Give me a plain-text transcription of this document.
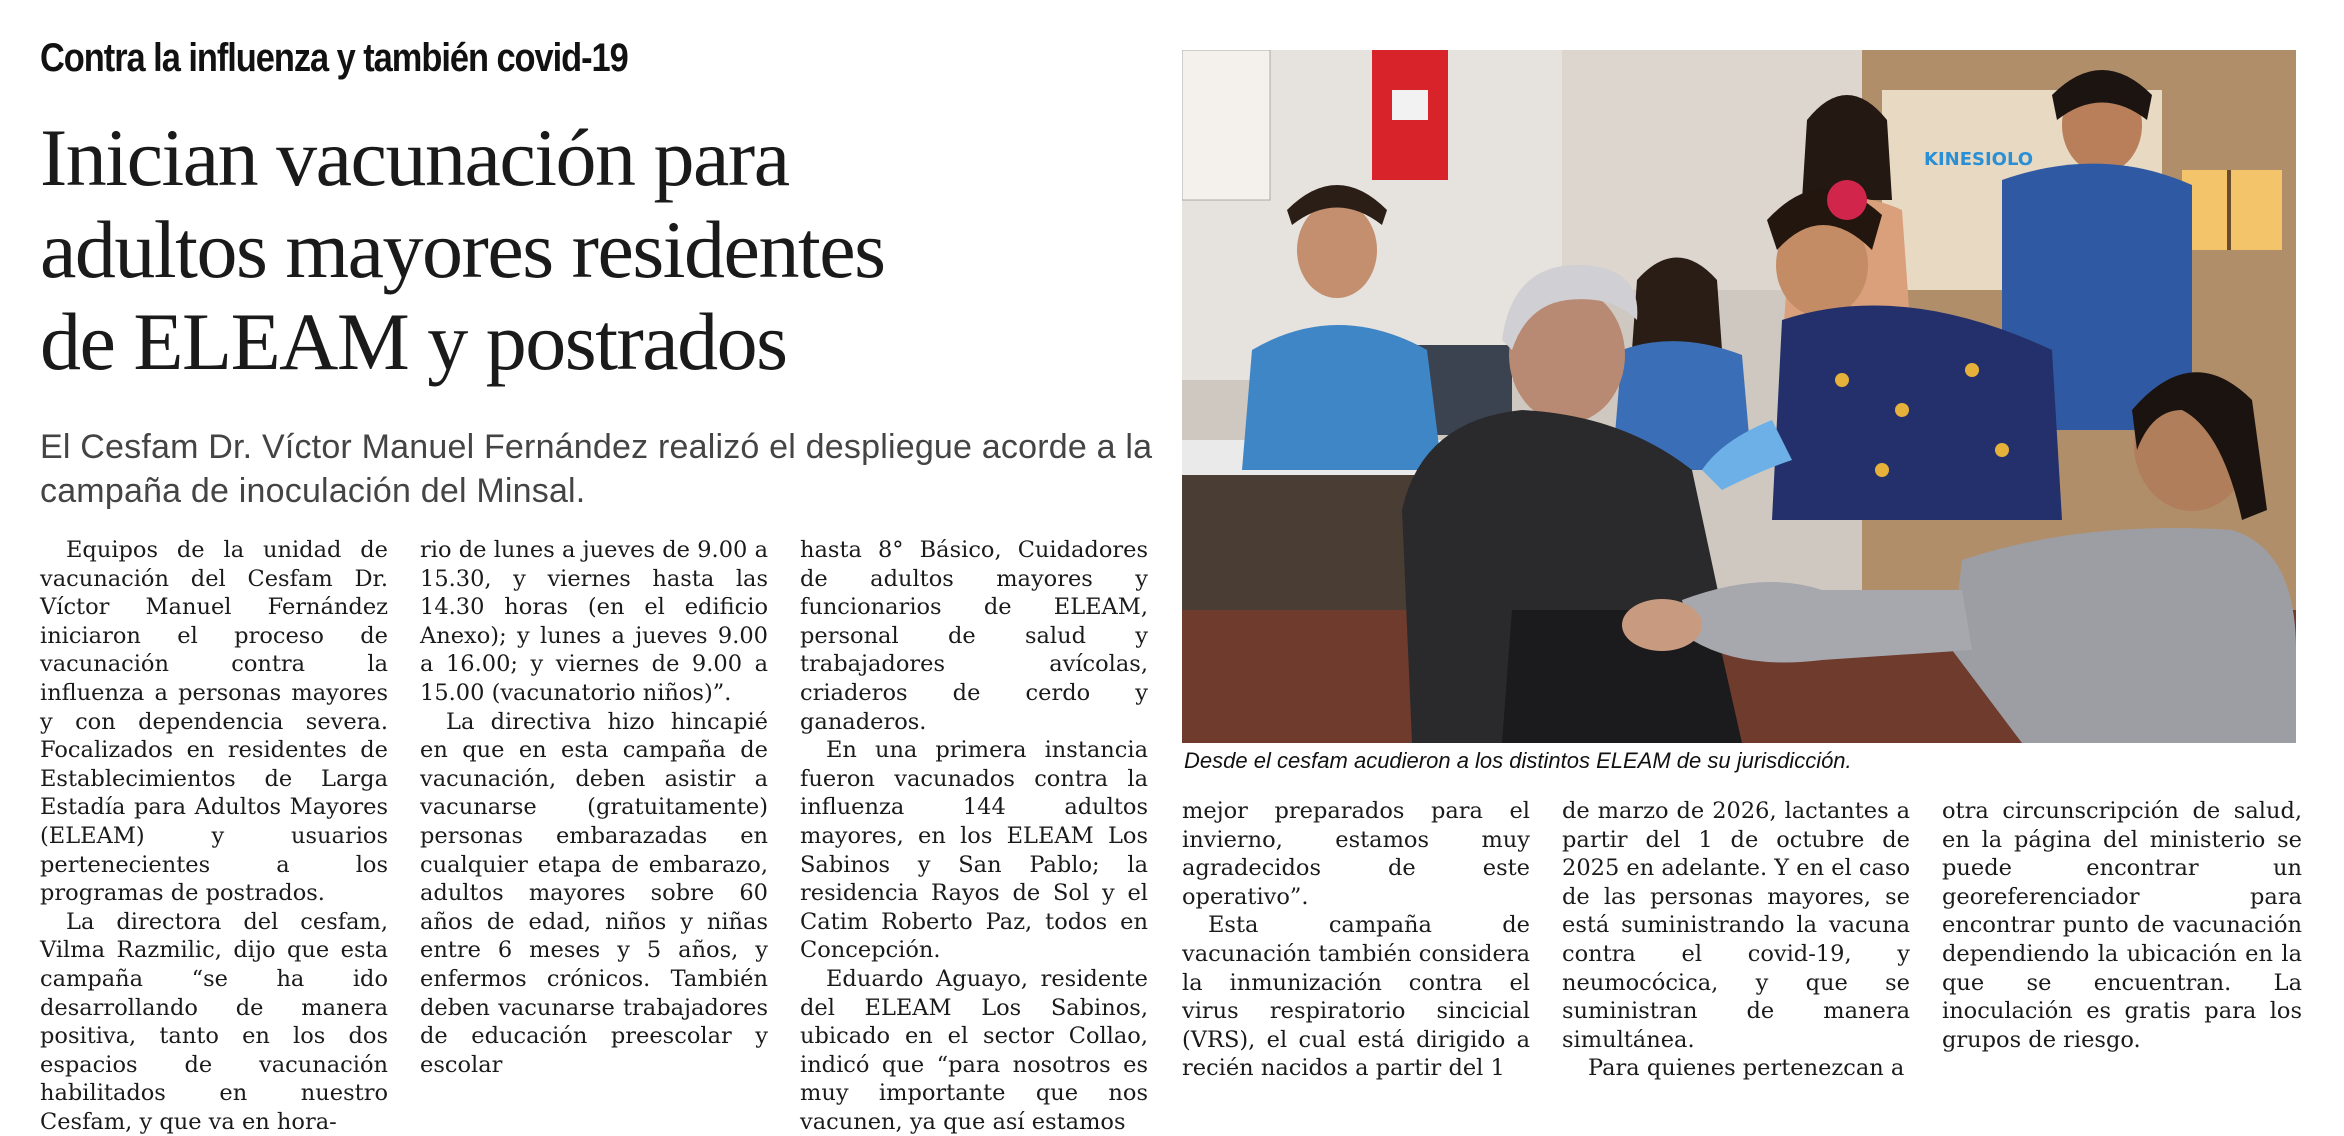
Contra la influenza y también covid-19
Inician vacunación para
adultos mayores residentes
de ELEAM y postrados
El Cesfam Dr. Víctor Manuel Fernández realizó el despliegue acorde a la campaña de inoculación del Minsal.

Equipos de la unidad de vacunación del Cesfam Dr. Víctor Manuel Fernández iniciaron el proceso de vacunación contra la influenza a personas mayores y con dependencia severa. Focalizados en residentes de Establecimientos de Larga Estadía para Adultos Mayores (ELEAM) y usuarios pertenecientes a los programas de postrados.

La directora del cesfam, Vilma Razmilic, dijo que esta campaña “se ha ido desarrollando de manera positiva, tanto en los dos espacios de vacunación habilitados en nuestro Cesfam, y que va en hora-

rio de lunes a jueves de 9.00 a 15.30, y viernes hasta las 14.30 horas (en el edificio Anexo); y lunes a jueves 9.00 a 16.00; y viernes de 9.00 a 15.00 (vacunatorio niños)”.

La directiva hizo hincapié en que en esta campaña de vacunación, deben asistir a vacunarse (gratuitamente) personas embarazadas en cualquier etapa de embarazo, adultos mayores sobre 60 años de edad, niños y niñas entre 6 meses y 5 años, y enfermos crónicos. También deben vacunarse trabajadores de educación preescolar y escolar

hasta 8° Básico, Cuidadores de adultos mayores y funcionarios de ELEAM, personal de salud y trabajadores avícolas, criaderos de cerdo y ganaderos.

En una primera instancia fueron vacunados contra la influenza 144 adultos mayores, en los ELEAM Los Sabinos y San Pablo; la residencia Rayos de Sol y el Catim Roberto Paz, todos en Concepción.

Eduardo Aguayo, residente del ELEAM Los Sabinos, ubicado en el sector Collao, indicó que “para nosotros es muy importante que nos vacunen, ya que así estamos

mejor preparados para el invierno, estamos muy agradecidos de este operativo”.

Esta campaña de vacunación también considera la inmunización contra el virus respiratorio sincicial (VRS), el cual está dirigido a recién nacidos a partir del 1

de marzo de 2026, lactantes a partir del 1 de octubre de 2025 en adelante. Y en el caso de las personas mayores, se está suministrando la vacuna contra el covid-19, y neumocócica, y que se suministran de manera simultánea.

Para quienes pertenezcan a

otra circunscripción de salud, en la página del ministerio se puede encontrar un georeferenciador para encontrar punto de vacunación dependiendo la ubicación en la que se encuentran. La inoculación es gratis para los grupos de riesgo.

KINESIOLO
Desde el cesfam acudieron a los distintos ELEAM de su jurisdicción.
